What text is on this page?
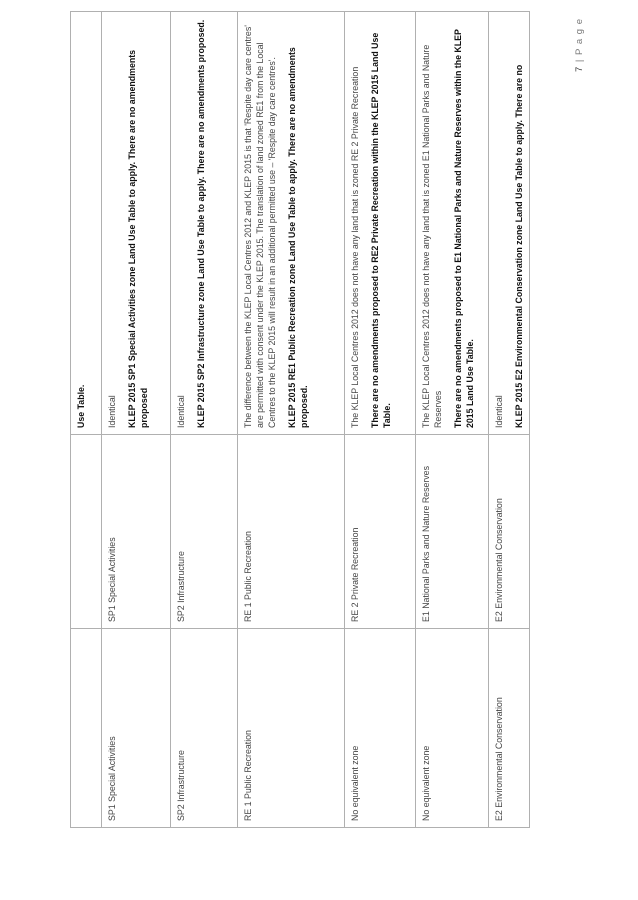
		Use Table.

SP1 Special Activities	SP1 Special Activities	Identical KLEP 2015 SP1 Special Activities zone Land Use Table to apply. There are no amendments proposed

SP2 Infrastructure	SP2 Infrastructure	Identical KLEP 2015 SP2 Infrastructure zone Land Use Table to apply. There are no amendments proposed.

RE 1 Public Recreation	RE 1 Public Recreation	The difference between the KLEP Local Centres 2012 and KLEP 2015 is that 'Respite day care centres' are permitted with consent under the KLEP 2015. The translation of land zoned RE1 from the Local Centres to the KLEP 2015 will result in an additional permitted use – 'Respite day care centres'. KLEP 2015 RE1 Public Recreation zone Land Use Table to apply. There are no amendments proposed.

No equivalent zone	RE 2 Private Recreation	The KLEP Local Centres 2012 does not have any land that is zoned RE 2 Private Recreation There are no amendments proposed to RE2 Private Recreation within the KLEP 2015 Land Use Table.

No equivalent zone	E1 National Parks and Nature Reserves	The KLEP Local Centres 2012 does not have any land that is zoned E1 National Parks and Nature Reserves There are no amendments proposed to E1 National Parks and Nature Reserves within the KLEP 2015 Land Use Table.

E2 Environmental Conservation	E2 Environmental Conservation	Identical KLEP 2015 E2 Environmental Conservation zone Land Use Table to apply. There are no	7 | P a g e
